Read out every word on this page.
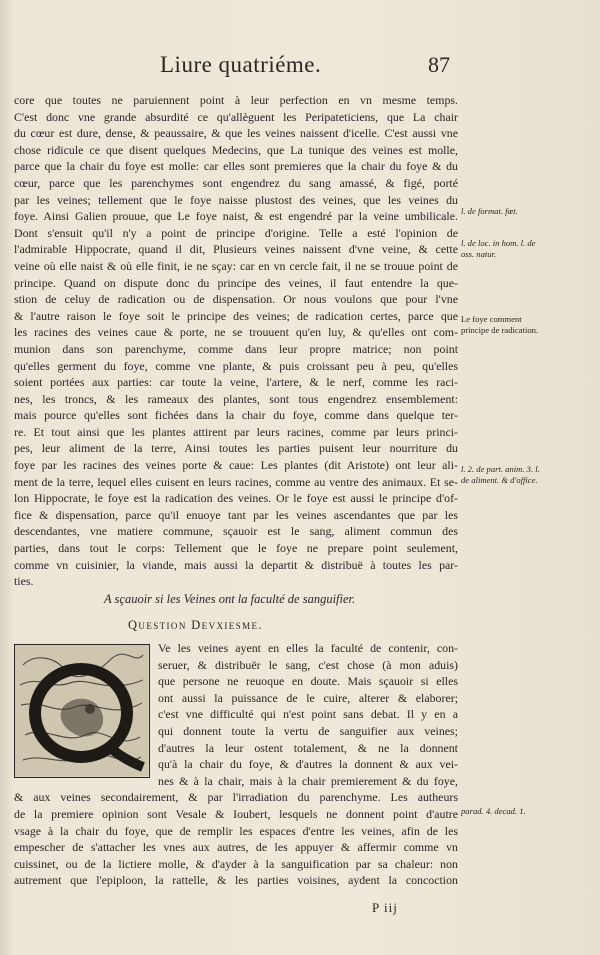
Liure quatriéme.	87
core que toutes ne paruiennent point à leur perfection en vn mesme temps.
C'est donc vne grande absurdité ce qu'allèguent les Peripateticiens, que La chair
du cœur est dure, dense, & peaussaire, & que les veines naissent d'icelle. C'est aussi vne
chose ridicule ce que disent quelques Medecins, que La tunique des veines est molle,
parce que la chair du foye est molle: car elles sont premieres que la chair du foye & du
cœur, parce que les parenchymes sont engendrez du sang amassé, & figé, porté
par les veines; tellement que le foye naisse plustost des veines, que les veines du
foye. Ainsi Galien prouue, que Le foye naist, & est engendré par la veine umbilicale.
Dont s'ensuit qu'il n'y a point de principe d'origine. Telle a esté l'opinion de
l'admirable Hippocrate, quand il dit, Plusieurs veines naissent d'vne veine, & cette
veine où elle naist & où elle finit, ie ne sçay: car en vn cercle fait, il ne se trouue point de
principe. Quand on dispute donc du principe des veines, il faut entendre la que-
stion de celuy de radication ou de dispensation. Or nous voulons que pour l'vne
& l'autre raison le foye soit le principe des veines; de radication certes, parce que
les racines des veines caue & porte, ne se trouuent qu'en luy, & qu'elles ont com-
munion dans son parenchyme, comme dans leur propre matrice; non point
qu'elles germent du foye, comme vne plante, & puis croissant peu à peu, qu'elles
soient portées aux parties: car toute la veine, l'artere, & le nerf, comme les raci-
nes, les troncs, & les rameaux des plantes, sont tous engendrez ensemblement:
mais pource qu'elles sont fichées dans la chair du foye, comme dans quelque ter-
re. Et tout ainsi que les plantes attirent par leurs racines, comme par leurs princi-
pes, leur aliment de la terre, Ainsi toutes les parties puisent leur nourriture du
foye par les racines des veines porte & caue: Les plantes (dit Aristote) ont leur ali-
ment de la terre, lequel elles cuisent en leurs racines, comme au ventre des animaux. Et se-
lon Hippocrate, le foye est la radication des veines. Or le foye est aussi le principe d'of-
fice & dispensation, parce qu'il enuoye tant par les veines ascendantes que par les
descendantes, vne matiere commune, sçauoir est le sang, aliment commun des
parties, dans tout le corps: Tellement que le foye ne prepare point seulement,
comme vn cuisinier, la viande, mais aussi la departit & distribuë à toutes les par-
ties.
A sçauoir si les Veines ont la faculté de sanguifier.
Question Devxiesme.
Ve les veines ayent en elles la faculté de contenir, con-
seruer, & distribuër le sang, c'est chose (à mon aduis)
que persone ne reuoque en doute. Mais sçauoir si elles
ont aussi la puissance de le cuire, alterer & elaborer;
c'est vne difficulté qui n'est point sans debat. Il y en a
qui donnent toute la vertu de sanguifier aux veines;
d'autres la leur ostent totalement, & ne la donnent
qu'à la chair du foye, & d'autres la donnent & aux vei-
nes & à la chair, mais à la chair premierement & du foye,
& aux veines secondairement, & par l'irradiation du parenchyme. Les autheurs
de la premiere opinion sont Vesale & Ioubert, lesquels ne donnent point d'autre
vsage à la chair du foye, que de remplir les espaces d'entre les veines, afin de les
empescher de s'attacher les vnes aux autres, de les appuyer & affermir comme vn
cuissinet, ou de la lictiere molle, & d'ayder à la sanguification par sa chaleur: non
autrement que l'epiploon, la rattelle, & les parties voisines, aydent la concoction
l. de format. fœt.
l. de loc. in hom. l. de oss. natur.
Le foye comment principe de radication.
l. 2. de part. anim. 3. l. de aliment. & d'office.
parad. 4. decad. 1.
P iij
